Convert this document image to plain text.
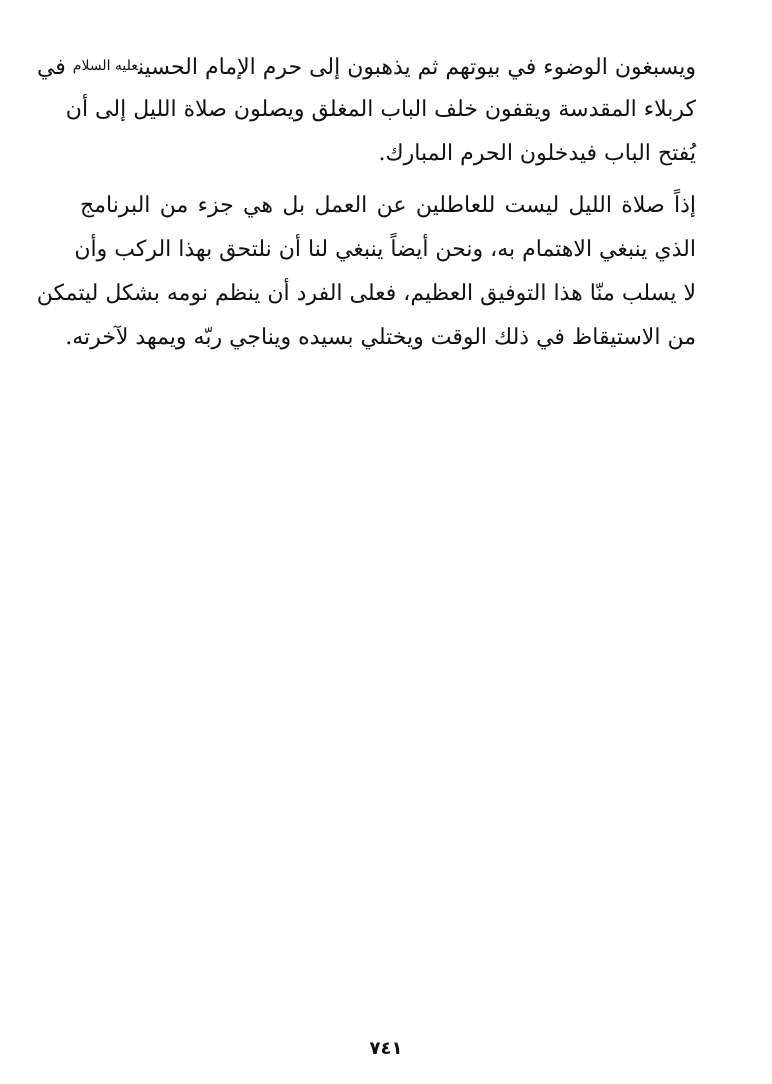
ويسبغون الوضوء في بيوتهم ثم يذهبون إلى حرم الإمام الحسينعليه السلام في
كربلاء المقدسة ويقفون خلف الباب المغلق ويصلون صلاة الليل إلى أن
يُفتح الباب فيدخلون الحرم المبارك.
إذاً صلاة الليل ليست للعاطلين عن العمل بل هي جزء من البرنامج
الذي ينبغي الاهتمام به، ونحن أيضاً ينبغي لنا أن نلتحق بهذا الركب وأن
لا يسلب منّا هذا التوفيق العظيم، فعلى الفرد أن ينظم نومه بشكل ليتمكن
من الاستيقاظ في ذلك الوقت ويختلي بسيده ويناجي ربّه ويمهد لآخرته.
٧٤١
